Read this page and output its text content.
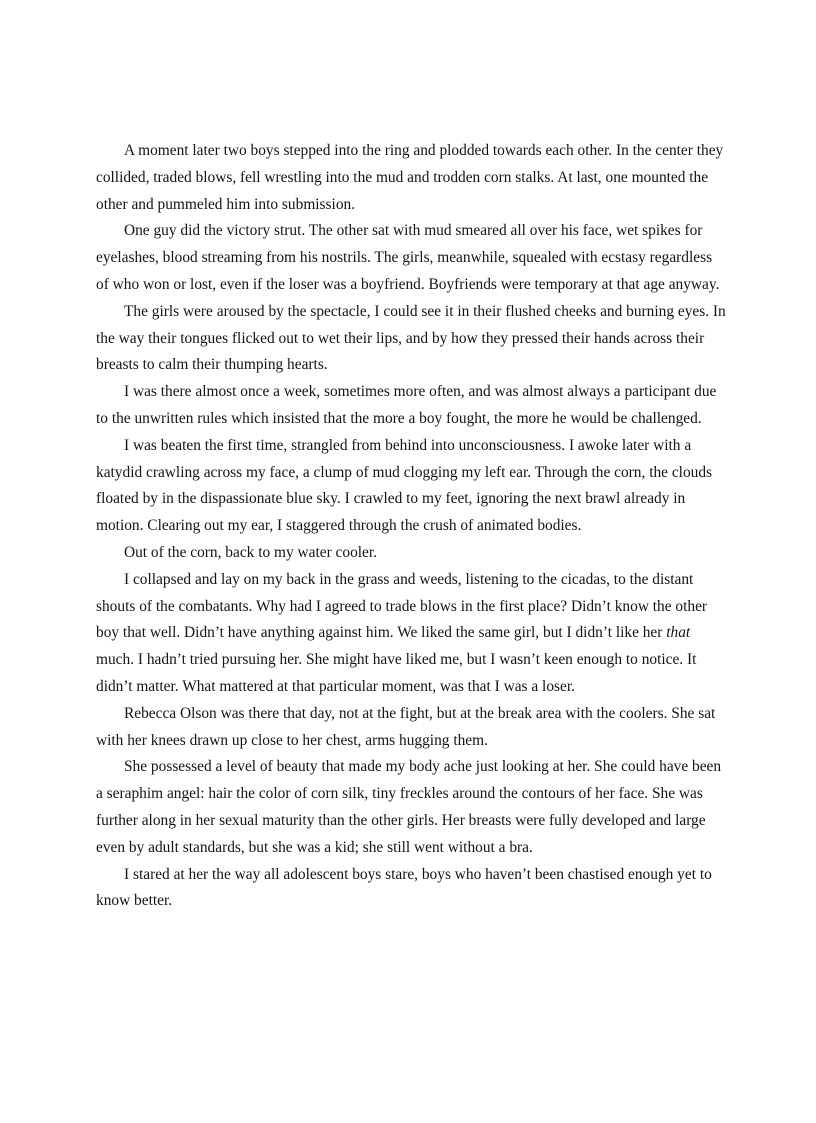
A moment later two boys stepped into the ring and plodded towards each other. In the center they collided, traded blows, fell wrestling into the mud and trodden corn stalks. At last, one mounted the other and pummeled him into submission.

One guy did the victory strut. The other sat with mud smeared all over his face, wet spikes for eyelashes, blood streaming from his nostrils. The girls, meanwhile, squealed with ecstasy regardless of who won or lost, even if the loser was a boyfriend. Boyfriends were temporary at that age anyway.

The girls were aroused by the spectacle, I could see it in their flushed cheeks and burning eyes. In the way their tongues flicked out to wet their lips, and by how they pressed their hands across their breasts to calm their thumping hearts.

I was there almost once a week, sometimes more often, and was almost always a participant due to the unwritten rules which insisted that the more a boy fought, the more he would be challenged.

I was beaten the first time, strangled from behind into unconsciousness. I awoke later with a katydid crawling across my face, a clump of mud clogging my left ear. Through the corn, the clouds floated by in the dispassionate blue sky. I crawled to my feet, ignoring the next brawl already in motion. Clearing out my ear, I staggered through the crush of animated bodies.

Out of the corn, back to my water cooler.

I collapsed and lay on my back in the grass and weeds, listening to the cicadas, to the distant shouts of the combatants. Why had I agreed to trade blows in the first place? Didn’t know the other boy that well. Didn’t have anything against him. We liked the same girl, but I didn’t like her that much. I hadn’t tried pursuing her. She might have liked me, but I wasn’t keen enough to notice. It didn’t matter. What mattered at that particular moment, was that I was a loser.

Rebecca Olson was there that day, not at the fight, but at the break area with the coolers. She sat with her knees drawn up close to her chest, arms hugging them.

She possessed a level of beauty that made my body ache just looking at her. She could have been a seraphim angel: hair the color of corn silk, tiny freckles around the contours of her face. She was further along in her sexual maturity than the other girls. Her breasts were fully developed and large even by adult standards, but she was a kid; she still went without a bra.

I stared at her the way all adolescent boys stare, boys who haven’t been chastised enough yet to know better.
